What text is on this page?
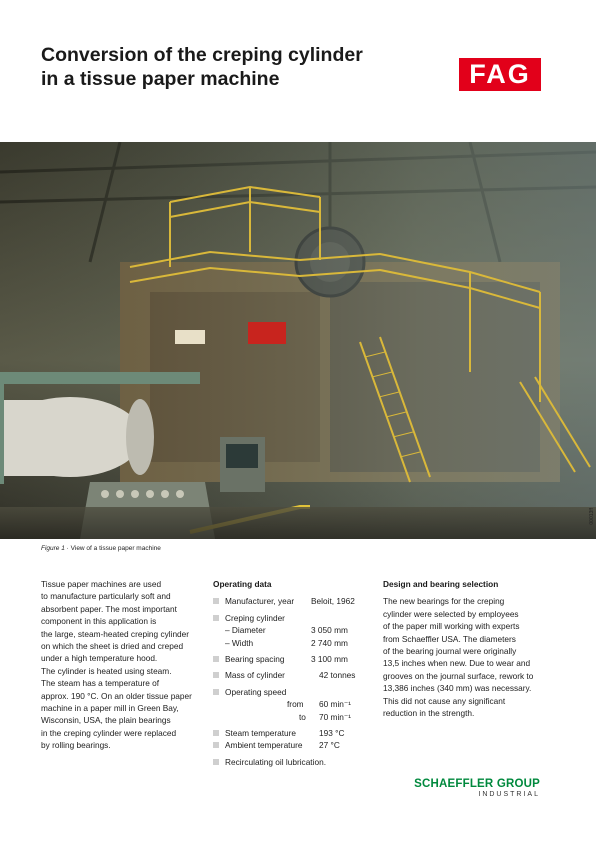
Conversion of the creping cylinder
in a tissue paper machine	FAG
00013ff
Figure 1 · View of a tissue paper machine
Tissue paper machines are used
to manufacture particularly soft and
absorbent paper. The most important
component in this application is
the large, steam-heated creping cylinder
on which the sheet is dried and creped
under a high temperature hood.
The cylinder is heated using steam.
The steam has a temperature of
approx. 190 °C. On an older tissue paper
machine in a paper mill in Green Bay,
Wisconsin, USA, the plain bearings
in the creping cylinder were replaced
by rolling bearings.
Operating data
Manufacturer, year Beloit, 1962
Creping cylinder
– Diameter	3 050 mm
– Width	2 740 mm
Bearing spacing	3 100 mm
Mass of cylinder	42 tonnes
Operating speed
from 60 min⁻¹
to 70 min⁻¹
Steam temperature	193 °C
Ambient temperature 27 °C
Recirculating oil lubrication.
Design and bearing selection
The new bearings for the creping
cylinder were selected by employees
of the paper mill working with experts
from Schaeffler USA. The diameters
of the bearing journal were originally
13,5 inches when new. Due to wear and
grooves on the journal surface, rework to
13,386 inches (340 mm) was necessary.
This did not cause any significant
reduction in the strength.
SCHAEFFLER GROUP
INDUSTRIAL
